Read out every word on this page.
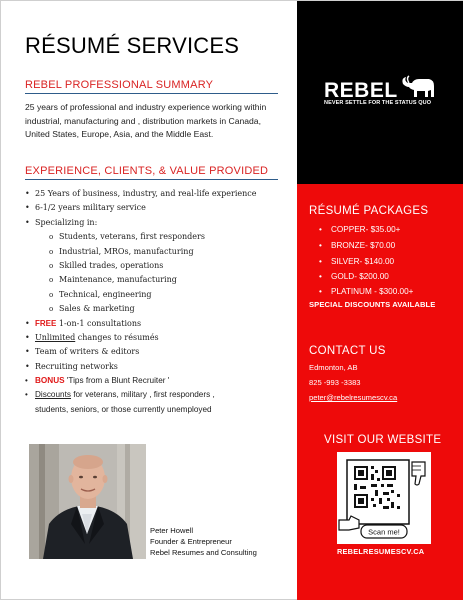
RÉSUMÉ SERVICES
REBEL PROFESSIONAL SUMMARY
25 years of professional and industry experience working within industrial, manufacturing and , distribution markets in Canada, United States, Europe, Asia, and the Middle East.
EXPERIENCE, CLIENTS, & VALUE PROVIDED
• 25 Years of business, industry, and real-life experience
• 6-1/2 years military service
• Specializing in:
o Students, veterans, first responders
o Industrial, MROs, manufacturing
o Skilled trades, operations
o Maintenance, manufacturing
o Technical, engineering
o Sales & marketing
• FREE 1-on-1 consultations
• Unlimited changes to résumés
• Team of writers & editors
• Recruiting networks
• BONUS 'Tips from a Blunt Recruiter '
• Discounts for veterans, military , first responders ,
students, seniors, or those currently unemployed
Peter Howell
Founder & Entrepreneur
Rebel Resumes and Consulting
REBEL
NEVER SETTLE FOR THE STATUS QUO
RÉSUMÉ PACKAGES
• COPPER- $35.00+
• BRONZE- $70.00
• SILVER- $140.00
• GOLD- $200.00
• PLATINUM - $300.00+
SPECIAL DISCOUNTS AVAILABLE
CONTACT US
Edmonton, AB
825 -993 -3383
peter@rebelresumescv.ca
VISIT OUR WEBSITE
Scan me!
REBELRESUMESCV.CA
